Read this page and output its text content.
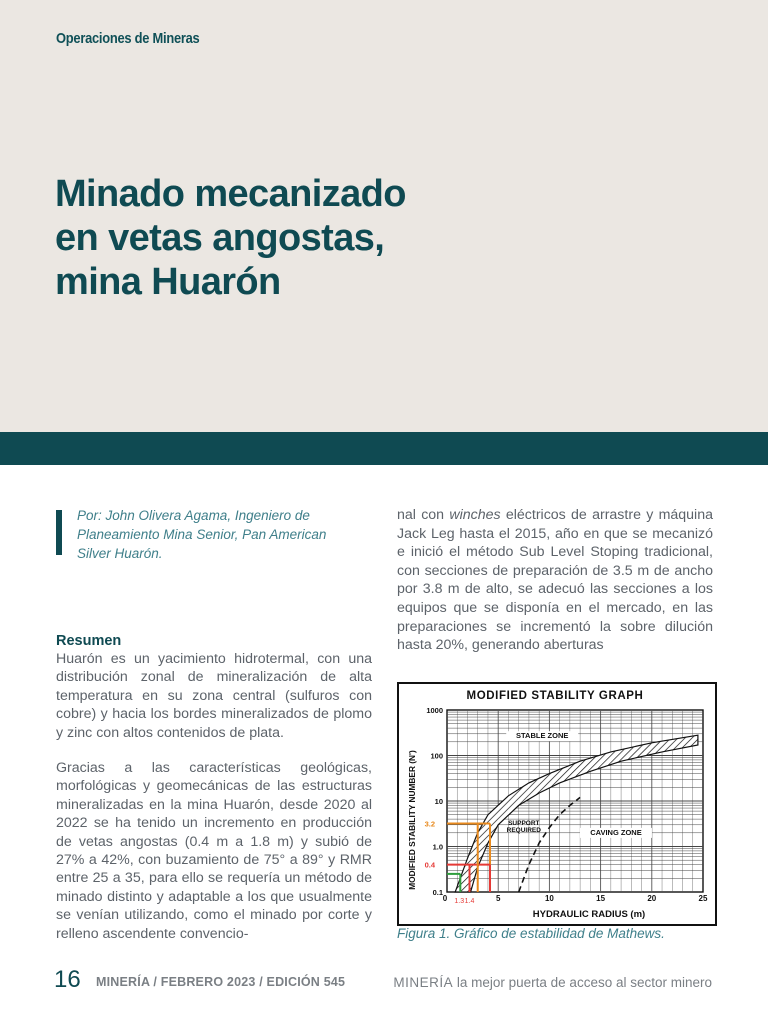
Operaciones de Mineras
Minado mecanizado
en vetas angostas,
mina Huarón
Por: John Olivera Agama, Ingeniero de Planeamiento Mina Senior, Pan American Silver Huarón.

Resumen

Huarón es un yacimiento hidrotermal, con una distribución zonal de mineralización de alta temperatura en su zona central (sulfuros con cobre) y hacia los bordes mineralizados de plomo y zinc con altos contenidos de plata.

Gracias a las características geológicas, morfológicas y geomecánicas de las estructuras mineralizadas en la mina Huarón, desde 2020 al 2022 se ha tenido un incremento en producción de vetas angostas (0.4 m a 1.8 m) y subió de 27% a 42%, con buzamiento de 75° a 89° y RMR entre 25 a 35, para ello se requería un método de minado distinto y adaptable a los que usualmente se venían utilizando, como el minado por corte y relleno ascendente convencio-

nal con winches eléctricos de arrastre y máquina Jack Leg hasta el 2015, año en que se mecanizó e inició el método Sub Level Stoping tradicional, con secciones de preparación de 3.5 m de ancho por 3.8 m de alto, se adecuó las secciones a los equipos que se disponía en el mercado, en las preparaciones se incrementó la sobre dilución hasta 20%, generando aberturas
MODIFIED STABILITY GRAPH
MODIFIED STABILITY NUMBER (N')
HYDRAULIC RADIUS (m)
STABLE ZONE
SUPPORT
REQUIRED	CAVING ZONE
3.2
0.4
1.3 1.4
1000
100
10
1.0
0.1
0	5	10	15	20	25
Figura 1. Gráfico de estabilidad de Mathews.
16 MINERÍA / FEBRERO 2023 / EDICIÓN 545	MINERÍA la mejor puerta de acceso al sector minero
